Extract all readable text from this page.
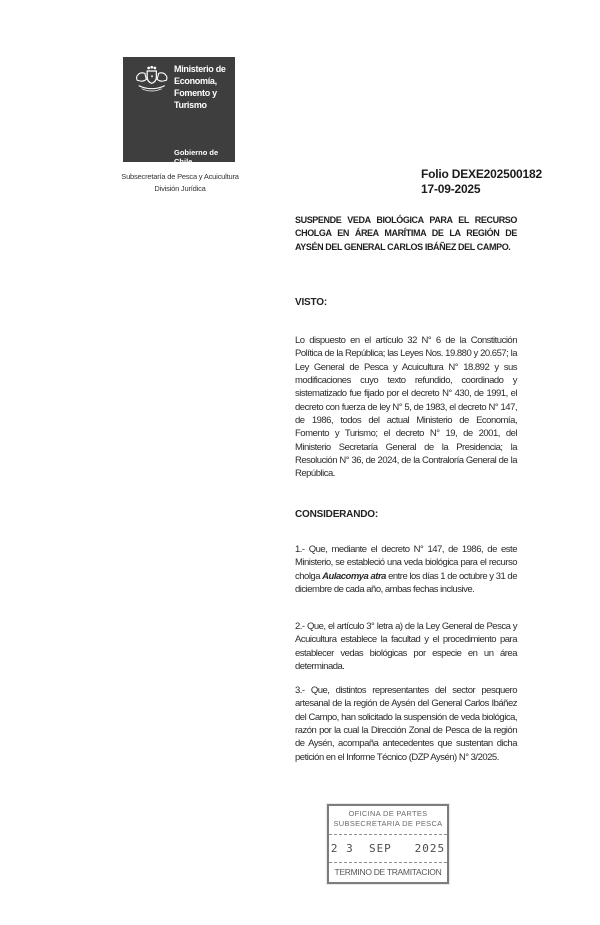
Ministerio de
Economía,
Fomento y
Turismo
Gobierno de Chile
Subsecretaría de Pesca y Acuicultura
División Jurídica
Folio DEXE202500182
17-09-2025
SUSPENDE VEDA BIOLÓGICA PARA EL RECURSO CHOLGA EN ÁREA MARÍTIMA DE LA REGIÓN DE AYSÉN DEL GENERAL CARLOS IBÁÑEZ DEL CAMPO.
VISTO:
Lo dispuesto en el artículo 32 N° 6 de la Constitución Política de la República; las Leyes Nos. 19.880 y 20.657; la Ley General de Pesca y Acuicultura N° 18.892 y sus modificaciones cuyo texto refundido, coordinado y sistematizado fue fijado por el decreto N° 430, de 1991, el decreto con fuerza de ley N° 5, de 1983, el decreto N° 147, de 1986, todos del actual Ministerio de Economía, Fomento y Turismo; el decreto N° 19, de 2001, del Ministerio Secretaría General de la Presidencia; la Resolución N° 36, de 2024, de la Contraloría General de la República.
CONSIDERANDO:
1.- Que, mediante el decreto N° 147, de 1986, de este Ministerio, se estableció una veda biológica para el recurso cholga Aulacomya atra entre los días 1 de octubre y 31 de diciembre de cada año, ambas fechas inclusive.
2.- Que, el artículo 3° letra a) de la Ley General de Pesca y Acuicultura establece la facultad y el procedimiento para establecer vedas biológicas por especie en un área determinada.
3.- Que, distintos representantes del sector pesquero artesanal de la región de Aysén del General Carlos Ibáñez del Campo, han solicitado la suspensión de veda biológica, razón por la cual la Dirección Zonal de Pesca de la región de Aysén, acompaña antecedentes que sustentan dicha petición en el Informe Técnico (DZP Aysén) N° 3/2025.
OFICINA DE PARTES
SUBSECRETARIA DE PESCA
2 3  SEP   2025
TERMINO DE TRAMITACION
